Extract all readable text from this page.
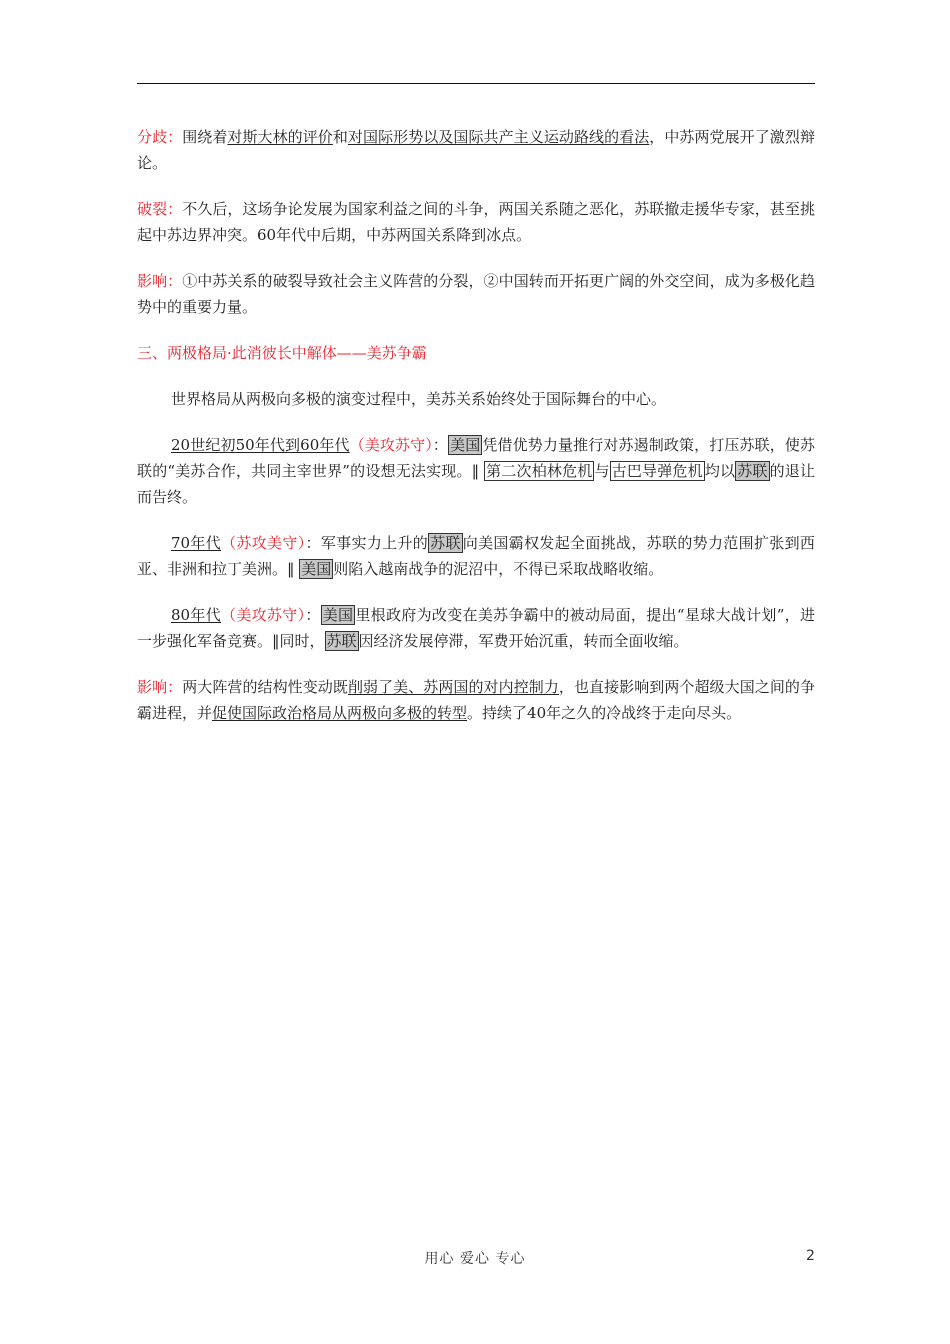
分歧：围绕着对斯大林的评价和对国际形势以及国际共产主义运动路线的看法，中苏两党展开了激烈辩论。

破裂：不久后，这场争论发展为国家利益之间的斗争，两国关系随之恶化，苏联撤走援华专家，甚至挑起中苏边界冲突。60年代中后期，中苏两国关系降到冰点。

影响：①中苏关系的破裂导致社会主义阵营的分裂，②中国转而开拓更广阔的外交空间，成为多极化趋势中的重要力量。

三、两极格局·此消彼长中解体——美苏争霸

世界格局从两极向多极的演变过程中，美苏关系始终处于国际舞台的中心。

20世纪初50年代到60年代（美攻苏守）： 美国 凭借优势力量推行对苏遏制政策，打压苏联，使苏联的“美苏合作，共同主宰世界”的设想无法实现。‖ 第二次柏林危机 与 古巴导弹危机 均以 苏联 的退让而告终。

70年代（苏攻美守）：军事实力上升的 苏联 向美国霸权发起全面挑战，苏联的势力范围扩张到西亚、非洲和拉丁美洲。‖ 美国 则陷入越南战争的泥沼中，不得已采取战略收缩。

80年代（美攻苏守）： 美国 里根政府为改变在美苏争霸中的被动局面，提出“星球大战计划”，进一步强化军备竞赛。‖同时， 苏联 因经济发展停滞，军费开始沉重，转而全面收缩。

影响：两大阵营的结构性变动既削弱了美、苏两国的对内控制力，也直接影响到两个超级大国之间的争霸进程，并促使国际政治格局从两极向多极的转型。持续了40年之久的冷战终于走向尽头。

用心 爱心 专心	2
